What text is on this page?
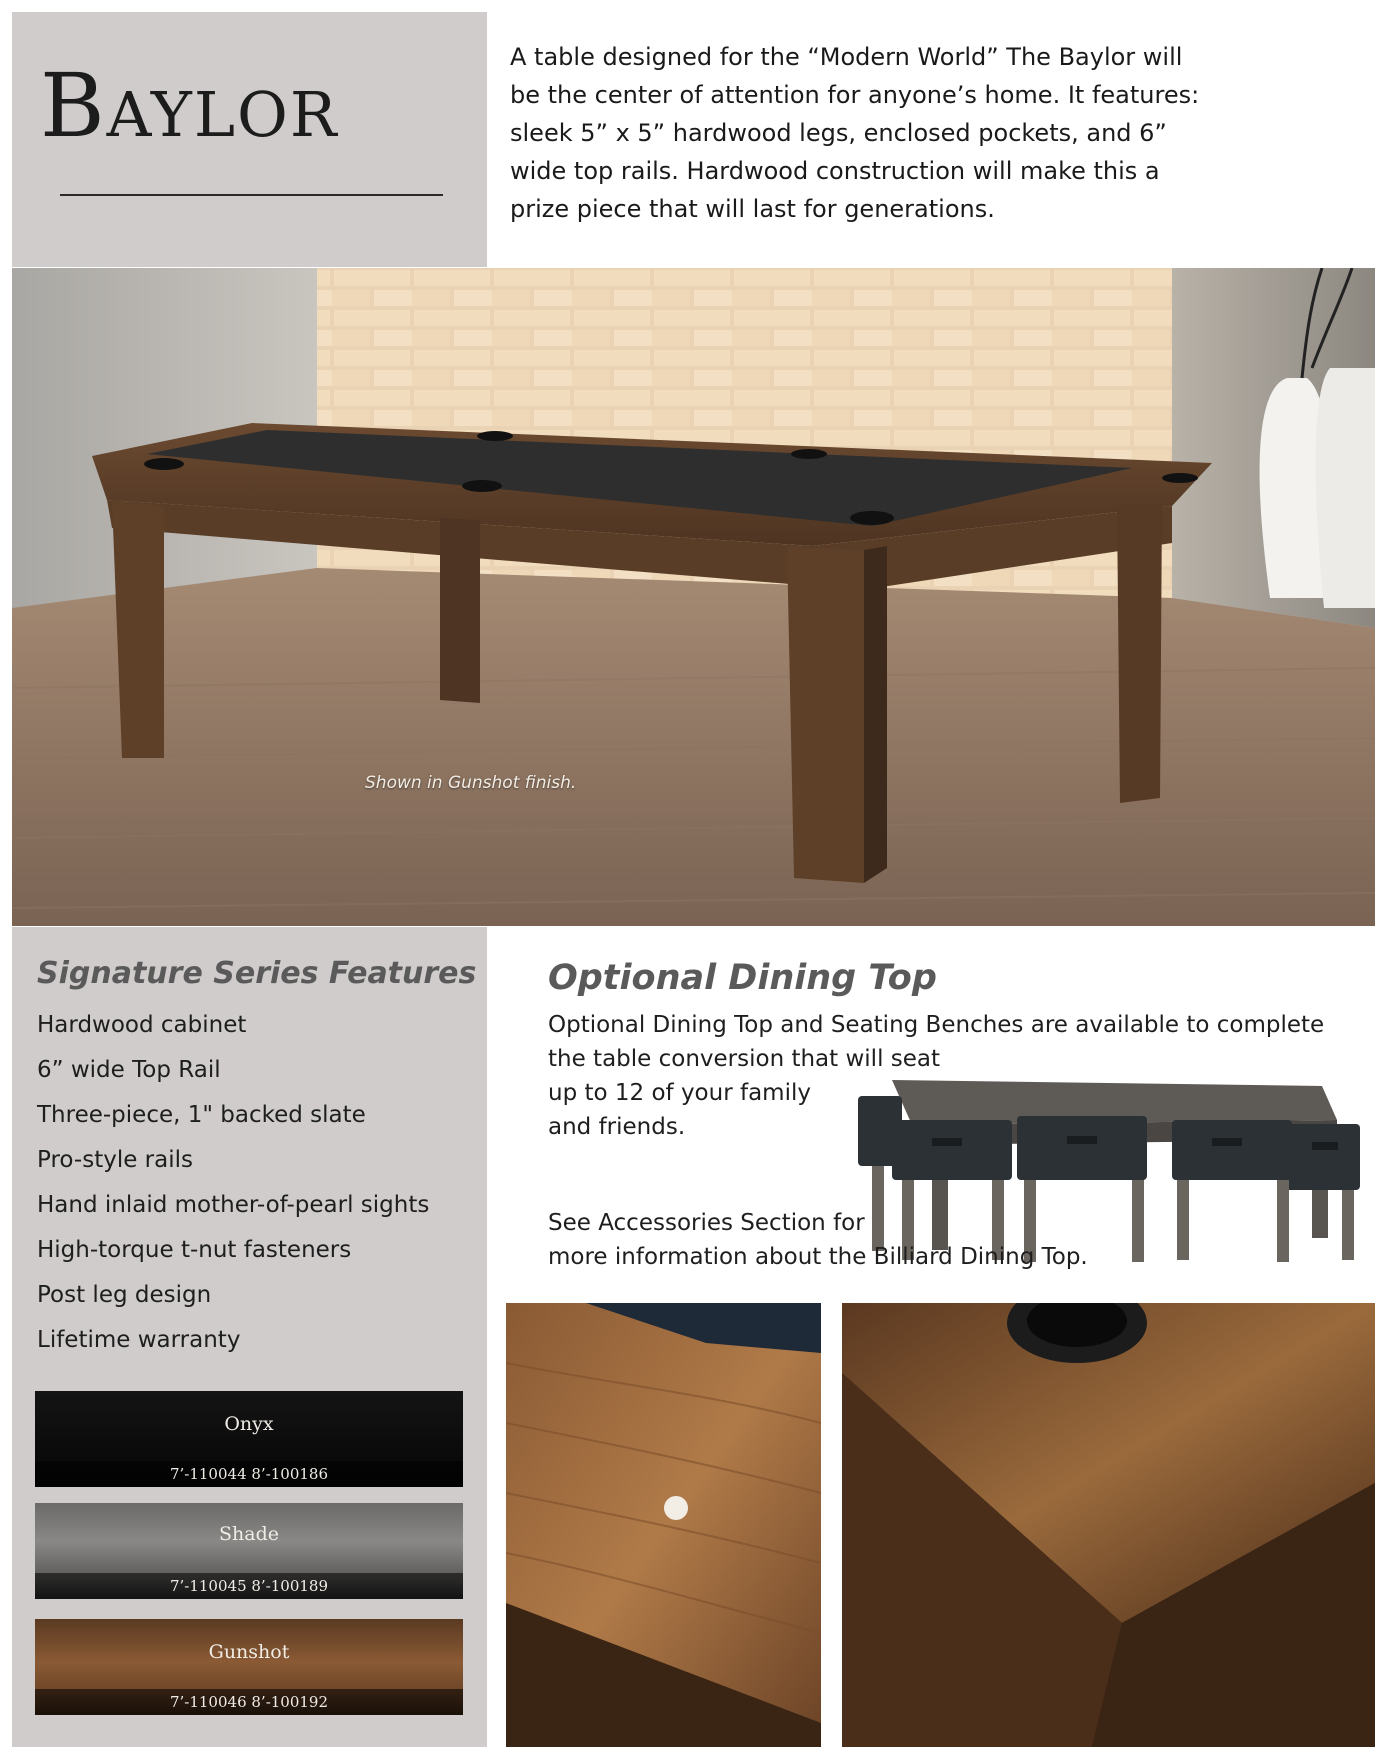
Baylor	A table designed for the “Modern World” The Baylor will be the center of attention for anyone’s home. It features: sleek 5” x 5” hardwood legs, enclosed pockets, and 6” wide top rails. Hardwood construction will make this a prize piece that will last for generations.
Shown in Gunshot finish.
Signature Series Features
Hardwood cabinet
6” wide Top Rail
Three-piece, 1" backed slate
Pro-style rails
Hand inlaid mother-of-pearl sights
High-torque t-nut fasteners
Post leg design
Lifetime warranty
Onyx
7’-110044 8’-100186
Shade
7’-110045 8’-100189
Gunshot
7’-110046 8’-100192
Optional Dining Top
Optional Dining Top and Seating Benches are available to complete
the table conversion that will seat
up to 12 of your family
and friends.
See Accessories Section for
more information about the Billiard Dining Top.
